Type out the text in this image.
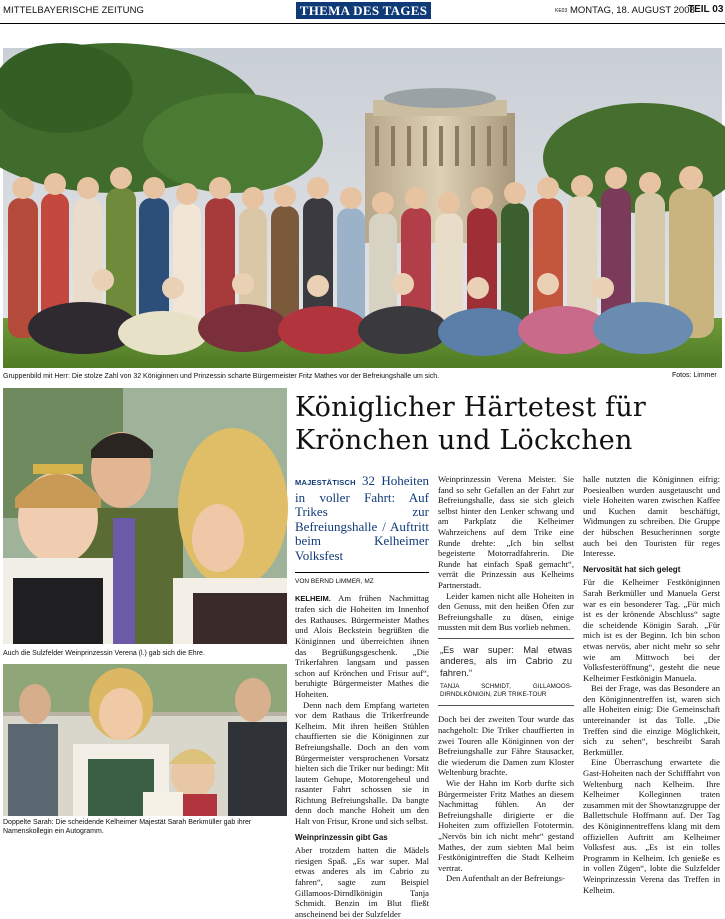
MITTELBAYERISCHE ZEITUNG	THEMA DES TAGES	KE03 MONTAG, 18. AUGUST 2008
TEIL 03
Gruppenbild mit Herr: Die stolze Zahl von 32 Königinnen und Prinzessin scharte Bürgermeister Fritz Mathes vor der Befreiungshalle um sich.	Fotos: Limmer
Auch die Sulzfelder Weinprinzessin Verena (l.) gab sich die Ehre.
Doppelte Sarah: Die scheidende Kelheimer Majestät Sarah Berkmüller gab ihrer Namenskollegin ein Autogramm.
Königlicher Härtetest für
Krönchen und Löckchen
MAJESTÄTISCH 32 Hoheiten in voller Fahrt: Auf Trikes zur Befreiungshalle / Auftritt beim Kelheimer Volksfest
VON BERND LIMMER, MZ

KELHEIM. Am frühen Nachmittag trafen sich die Hoheiten im Innenhof des Rathauses. Bürgermeister Mathes und Alois Beckstein begrüßten die Königinnen und überreichten ihnen das Begrüßungsgeschenk. „Die Trikerfahren langsam und passen schon auf Krönchen und Frisur auf“, beruhigte Bürgermeister Mathes die Hoheiten.

Denn nach dem Empfang warteten vor dem Rathaus die Trikerfreunde Kelheim. Mit ihren heißen Stühlen chauffierten sie die Königinnen zur Befreiungshalle. Doch an den vom Bürgermeister versprochenen Vorsatz hielten sich die Triker nur bedingt: Mit lautem Gehupe, Motorengeheul und rasanter Fahrt schossen sie in Richtung Befreiungshalle. Da bangte denn doch manche Hoheit um den Halt von Frisur, Krone und sich selbst.

Weinprinzessin gibt Gas

Aber trotzdem hatten die Mädels riesigen Spaß. „Es war super. Mal etwas anderes als im Cabrio zu fahren“, sagte zum Beispiel Gillamoos-Dirndlkönigin Tanja Schmidt. Benzin im Blut fließt anscheinend bei der Sulzfelder

Weinprinzessin Verena Meister. Sie fand so sehr Gefallen an der Fahrt zur Befreiungshalle, dass sie sich gleich selbst hinter den Lenker schwang und am Parkplatz die Kelheimer Wahrzeichens auf dem Trike eine Runde drehte: „Ich bin selbst begeisterte Motorradfahrerin. Die Runde hat einfach Spaß gemacht“, verrät die Prinzessin aus Kelheims Partnerstadt.

Leider kamen nicht alle Hoheiten in den Genuss, mit den heißen Öfen zur Befreiungshalle zu düsen, einige mussten mit dem Bus vorlieb nehmen.

„Es war super: Mal etwas anderes, als im Cabrio zu fahren.“
TANJA SCHMIDT, GILLAMOOS-DIRNDLKÖNIGIN, ZUR TRIKE-TOUR

Doch bei der zweiten Tour wurde das nachgeholt: Die Triker chauffierten in zwei Touren alle Königinnen von der Befreiungshalle zur Fähre Stausacker, die wiederum die Damen zum Kloster Weltenburg brachte.

Wie der Hahn im Korb durfte sich Bürgermeister Fritz Mathes an diesem Nachmittag fühlen. An der Befreiungshalle dirigierte er die Hoheiten zum offiziellen Fototermin. „Nervös bin ich nicht mehr“ gestand Mathes, der zum siebten Mal beim Festkönigintreffen die Stadt Kelheim vertrat.

Den Aufenthalt an der Befreiungs-

halle nutzten die Königinnen eifrig: Poesiealben wurden ausgetauscht und viele Hoheiten waren zwischen Kaffee und Kuchen damit beschäftigt, Widmungen zu schreiben. Die Gruppe der hübschen Besucherinnen sorgte auch bei den Touristen für reges Interesse.

Nervosität hat sich gelegt

Für die Kelheimer Festköniginnen Sarah Berkmüller und Manuela Gerst war es ein besonderer Tag. „Für mich ist es der krönende Abschluss“ sagte die scheidende Königin Sarah. „Für mich ist es der Beginn. Ich bin schon etwas nervös, aber nicht mehr so sehr wie am Mittwoch bei der Volksfesteröffnung“, gesteht die neue Kelheimer Festkönigin Manuela.

Bei der Frage, was das Besondere an den Königinnentreffen ist, waren sich alle Hoheiten einig: Die Gemeinschaft untereinander ist das Tolle. „Die Treffen sind die einzige Möglichkeit, sich zu sehen“, beschreibt Sarah Berkmüller.

Eine Überraschung erwartete die Gast-Hoheiten nach der Schifffahrt von Weltenburg nach Kelheim. Ihre Kelheimer Kolleginnen traten zusammen mit der Showtanzgruppe der Ballettschule Hoffmann auf. Der Tag des Königinnentreffens klang mit dem offiziellen Auftritt am Kelheimer Volksfest aus. „Es ist ein tolles Programm in Kelheim. Ich genieße es in vollen Zügen“, lobte die Sulzfelder Weinprinzessin Verena das Treffen in Kelheim.
